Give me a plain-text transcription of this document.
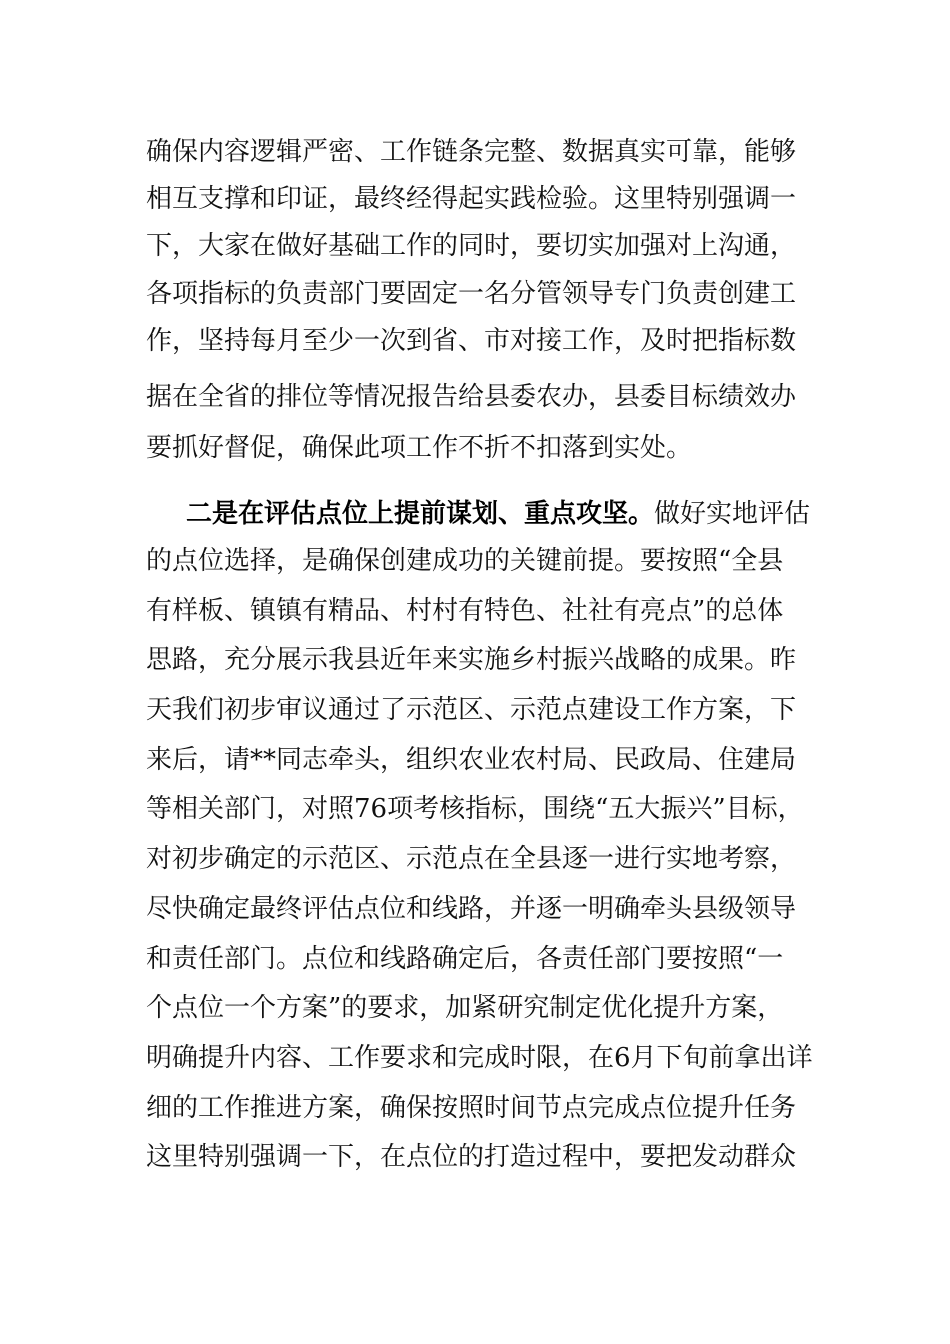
确保内容逻辑严密、工作链条完整、数据真实可靠，能够
相互支撑和印证，最终经得起实践检验。这里特别强调一
下，大家在做好基础工作的同时，要切实加强对上沟通，
各项指标的负责部门要固定一名分管领导专门负责创建工
作，坚持每月至少一次到省、市对接工作，及时把指标数
据在全省的排位等情况报告给县委农办，县委目标绩效办
要抓好督促，确保此项工作不折不扣落到实处。
二是在评估点位上提前谋划、重点攻坚。做好实地评估
的点位选择，是确保创建成功的关键前提。要按照“全县
有样板、镇镇有精品、村村有特色、社社有亮点”的总体
思路，充分展示我县近年来实施乡村振兴战略的成果。昨
天我们初步审议通过了示范区、示范点建设工作方案，下
来后，请**同志牵头，组织农业农村局、民政局、住建局
等相关部门，对照76项考核指标，围绕“五大振兴”目标，
对初步确定的示范区、示范点在全县逐一进行实地考察，
尽快确定最终评估点位和线路，并逐一明确牵头县级领导
和责任部门。点位和线路确定后，各责任部门要按照“一
个点位一个方案”的要求，加紧研究制定优化提升方案，
明确提升内容、工作要求和完成时限，在6月下旬前拿出详
细的工作推进方案，确保按照时间节点完成点位提升任务
这里特别强调一下，在点位的打造过程中，要把发动群众
